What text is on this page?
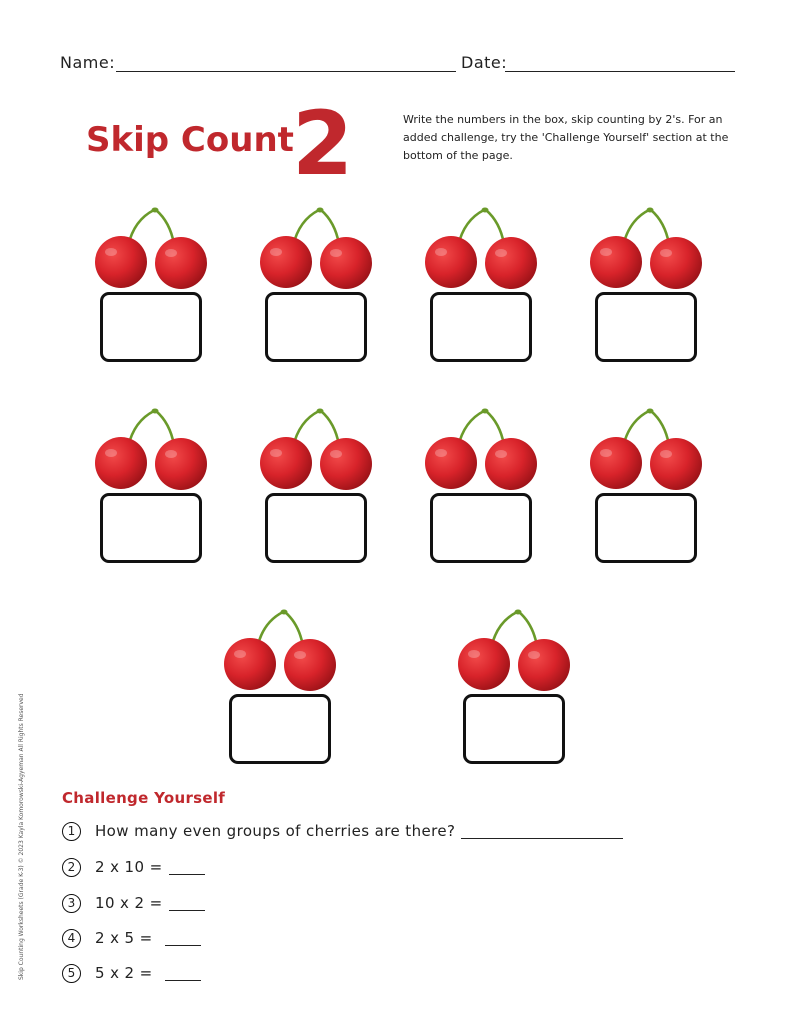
Name:	Date:
Skip Count
2	Write the numbers in the box, skip counting by 2's. For an added challenge, try the 'Challenge Yourself' section at the bottom of the page.
Challenge Yourself
1	How many even groups of cherries are there?
2	2 x 10 =
3	10 x 2 =
4	2 x 5 =
5	5 x 2 =
Skip Counting Worksheets (Grade K-3) © 2023 Kayla Komorowski-Agyeman All Rights Reserved
